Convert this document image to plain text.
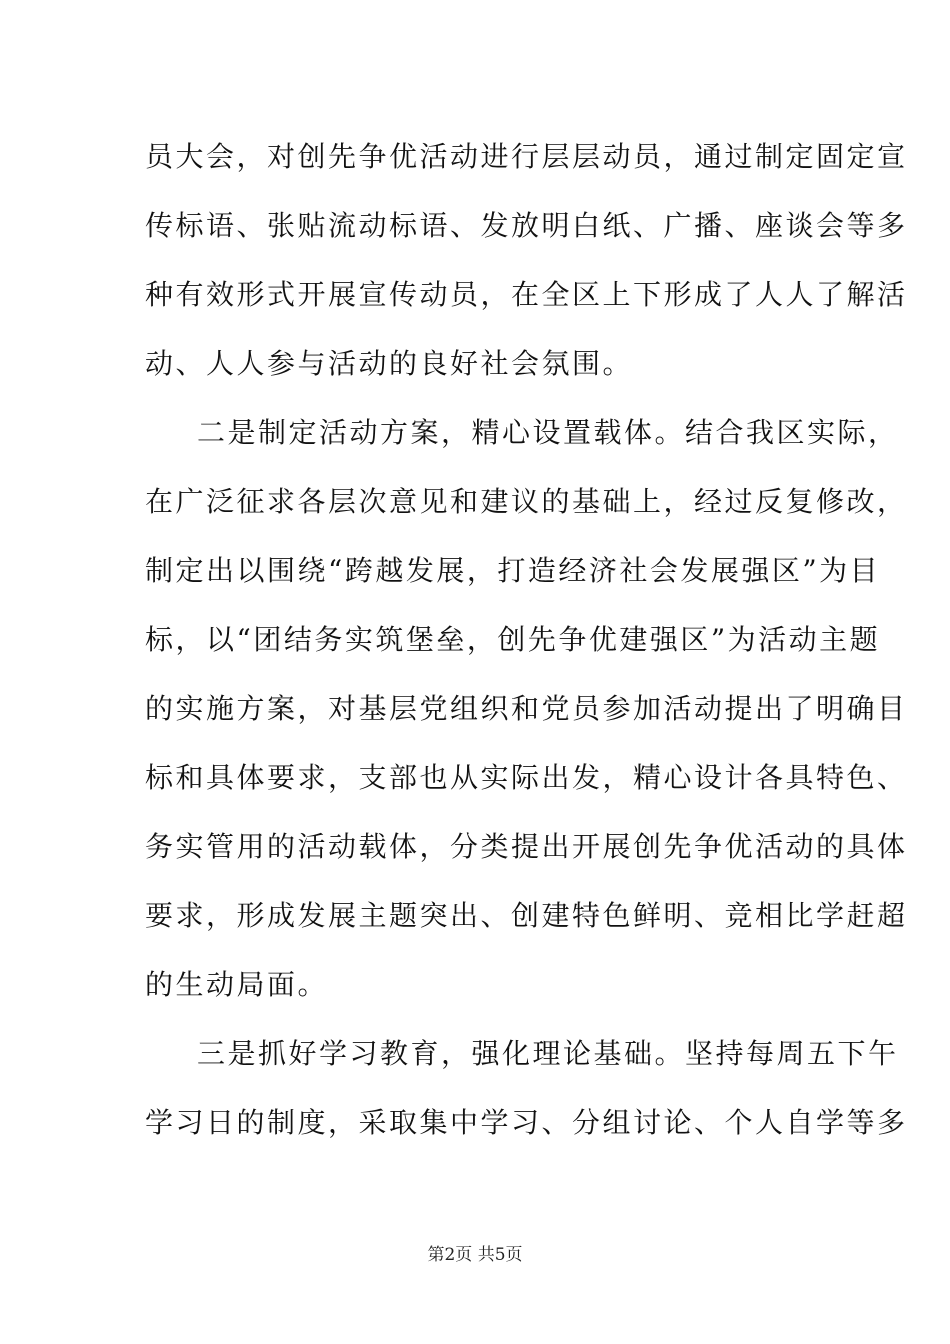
员大会，对创先争优活动进行层层动员，通过制定固定宣

传标语、张贴流动标语、发放明白纸、广播、座谈会等多

种有效形式开展宣传动员，在全区上下形成了人人了解活

动、人人参与活动的良好社会氛围。

二是制定活动方案，精心设置载体。结合我区实际，

在广泛征求各层次意见和建议的基础上，经过反复修改，

制定出以围绕“跨越发展，打造经济社会发展强区”为目

标，以“团结务实筑堡垒，创先争优建强区”为活动主题

的实施方案，对基层党组织和党员参加活动提出了明确目

标和具体要求，支部也从实际出发，精心设计各具特色、

务实管用的活动载体，分类提出开展创先争优活动的具体

要求，形成发展主题突出、创建特色鲜明、竞相比学赶超

的生动局面。

三是抓好学习教育，强化理论基础。坚持每周五下午

学习日的制度，采取集中学习、分组讨论、个人自学等多

第2页 共5页
